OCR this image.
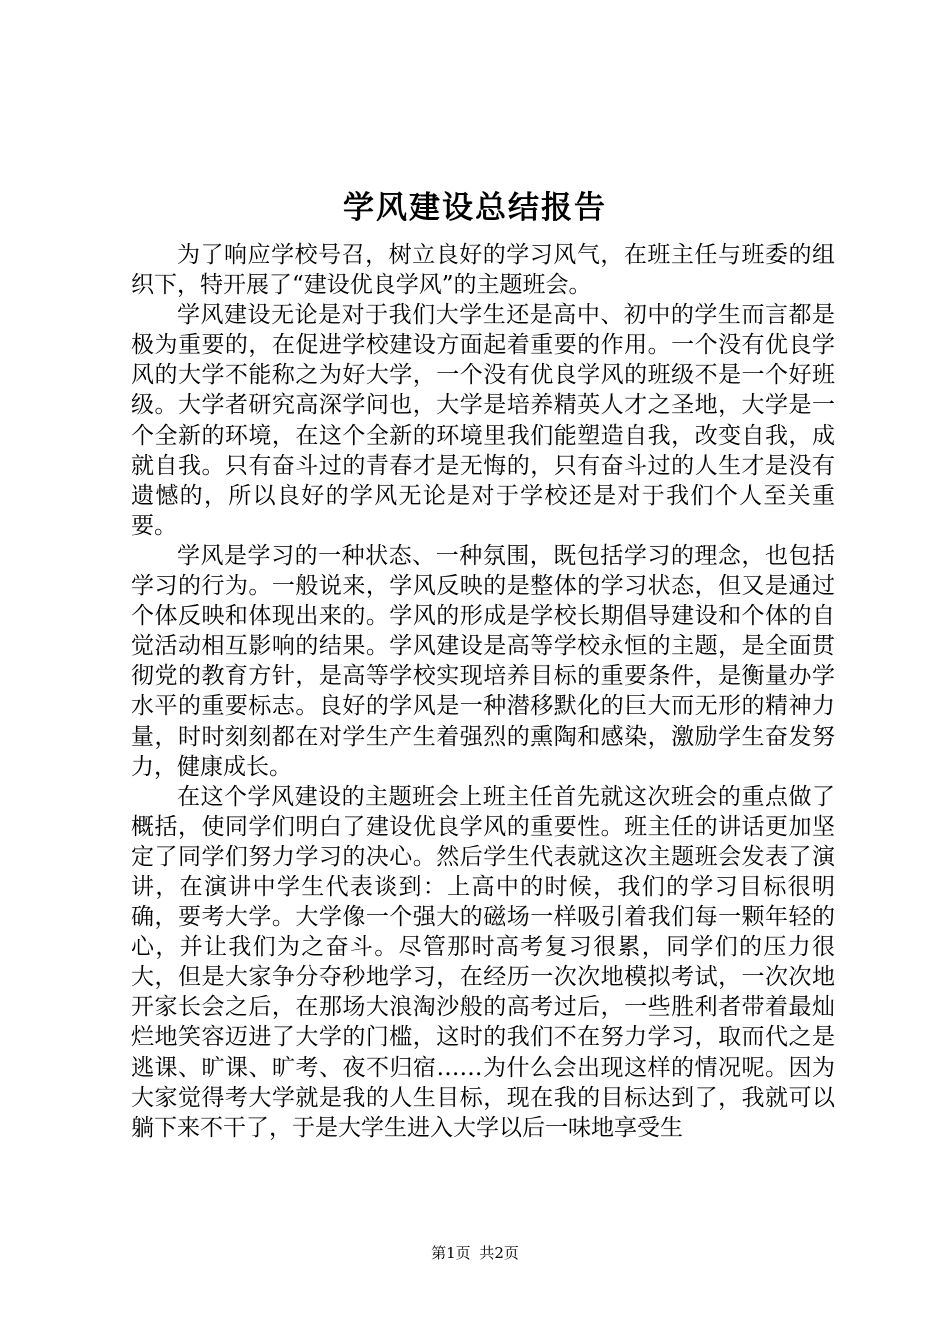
学风建设总结报告

为了响应学校号召，树立良好的学习风气，在班主任与班委的组织下，特开展了“建设优良学风”的主题班会。

学风建设无论是对于我们大学生还是高中、初中的学生而言都是极为重要的，在促进学校建设方面起着重要的作用。一个没有优良学风的大学不能称之为好大学，一个没有优良学风的班级不是一个好班级。大学者研究高深学问也，大学是培养精英人才之圣地，大学是一个全新的环境，在这个全新的环境里我们能塑造自我，改变自我，成就自我。只有奋斗过的青春才是无悔的，只有奋斗过的人生才是没有遗憾的，所以良好的学风无论是对于学校还是对于我们个人至关重要。

学风是学习的一种状态、一种氛围，既包括学习的理念，也包括学习的行为。一般说来，学风反映的是整体的学习状态，但又是通过个体反映和体现出来的。学风的形成是学校长期倡导建设和个体的自觉活动相互影响的结果。学风建设是高等学校永恒的主题，是全面贯彻党的教育方针，是高等学校实现培养目标的重要条件，是衡量办学水平的重要标志。良好的学风是一种潜移默化的巨大而无形的精神力量，时时刻刻都在对学生产生着强烈的熏陶和感染，激励学生奋发努力，健康成长。

在这个学风建设的主题班会上班主任首先就这次班会的重点做了概括，使同学们明白了建设优良学风的重要性。班主任的讲话更加坚定了同学们努力学习的决心。然后学生代表就这次主题班会发表了演讲，在演讲中学生代表谈到：上高中的时候，我们的学习目标很明确，要考大学。大学像一个强大的磁场一样吸引着我们每一颗年轻的心，并让我们为之奋斗。尽管那时高考复习很累，同学们的压力很大，但是大家争分夺秒地学习，在经历一次次地模拟考试，一次次地开家长会之后，在那场大浪淘沙般的高考过后，一些胜利者带着最灿烂地笑容迈进了大学的门槛，这时的我们不在努力学习，取而代之是逃课、旷课、旷考、夜不归宿……为什么会出现这样的情况呢。因为大家觉得考大学就是我的人生目标，现在我的目标达到了，我就可以躺下来不干了，于是大学生进入大学以后一味地享受生

第1页 共2页
